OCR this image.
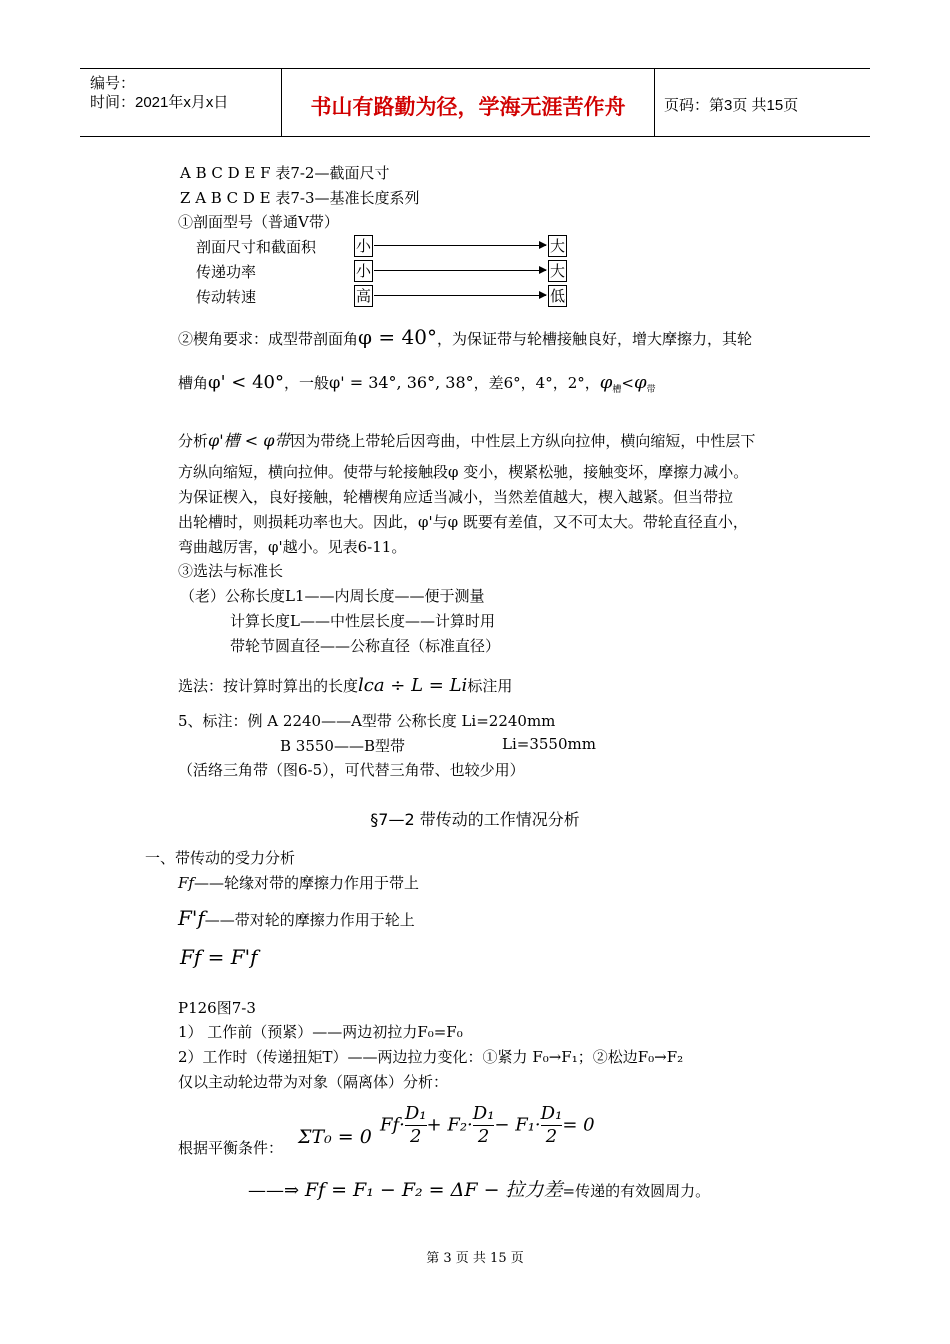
编号：
时间：2021年x月x日	书山有路勤为径，学海无涯苦作舟	页码：第3页 共15页
A B C D E F 表7-2—截面尺寸
Z A B C D E 表7-3—基准长度系列
①剖面型号（普通V带）
剖面尺寸和截面积	小	大
传递功率	小	大
传动转速	高	低
②楔角要求：成型带剖面角φ = 40°，为保证带与轮槽接触良好，增大摩擦力，其轮
槽角φ' < 40°，一般φ' = 34°, 36°, 38°，差6°，4°，2°，$\varphi_槽<\varphi_带$
分析φ'槽 < φ带因为带绕上带轮后因弯曲，中性层上方纵向拉伸，横向缩短，中性层下
方纵向缩短，横向拉伸。使带与轮接触段φ 变小，楔紧松驰，接触变坏，摩擦力减小。
为保证楔入，良好接触，轮槽楔角应适当减小，当然差值越大，楔入越紧。但当带拉
出轮槽时，则损耗功率也大。因此，φ'与φ 既要有差值，又不可太大。带轮直径直小，
弯曲越厉害，φ'越小。见表6-11。
③选法与标准长
（老）公称长度L1——内周长度——便于测量
计算长度L——中性层长度——计算时用
带轮节圆直径——公称直径（标准直径）
选法：按计算时算出的长度lca ÷ L = Li标注用
5、标注：例 A 2240——A型带 公称长度 Li=2240mm
B 3550——B型带	Li=3550mm
（活络三角带（图6-5），可代替三角带、也较少用）
§7—2 带传动的工作情况分析
一、带传动的受力分析
Ff——轮缘对带的摩擦力作用于带上
F'f——带对轮的摩擦力作用于轮上
Ff = F'f
P126图7-3
1） 工作前（预紧）——两边初拉力F₀=F₀
2）工作时（传递扭矩T）——两边拉力变化：①紧力 F₀→F₁；②松边F₀→F₂
仅以主动轮边带为对象（隔离体）分析：
根据平衡条件： ΣT₀ = 0
$Ff\cdot \frac{\text{D₁}}{2} + F_2\cdot \frac{\text{D₁}}{2} - F_1\cdot \frac{\text{D₁}}{2} = 0$
——⇒ Ff = F₁ − F₂ = ΔF − 拉力差=传递的有效圆周力。
第 3 页 共 15 页
